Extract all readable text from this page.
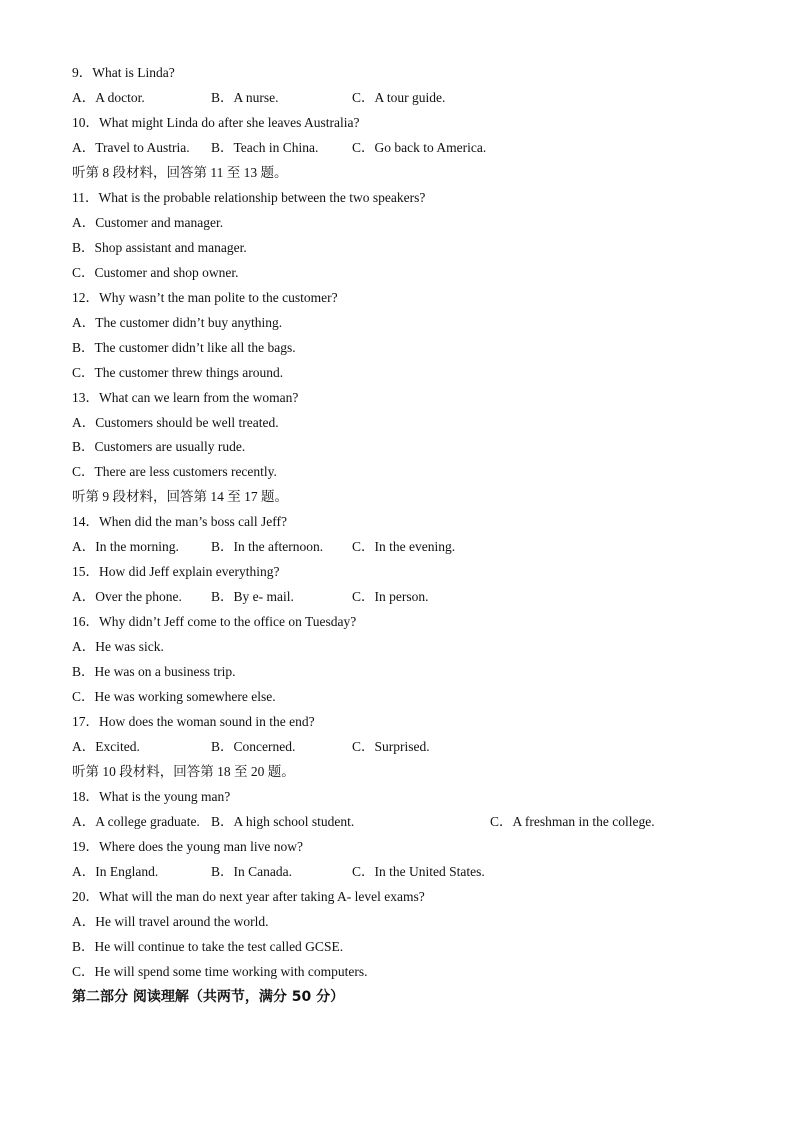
9．What is Linda?
A．A doctor.	B．A nurse.	C．A tour guide.
10．What might Linda do after she leaves Australia?
A．Travel to Austria. B．Teach in China. C．Go back to America.
听第 8 段材料，回答第 11 至 13 题。
11．What is the probable relationship between the two speakers?
A．Customer and manager.
B．Shop assistant and manager.
C．Customer and shop owner.
12．Why wasn’t the man polite to the customer?
A．The customer didn’t buy anything.
B．The customer didn’t like all the bags.
C．The customer threw things around.
13．What can we learn from the woman?
A．Customers should be well treated.
B．Customers are usually rude.
C．There are less customers recently.
听第 9 段材料，回答第 14 至 17 题。
14．When did the man’s boss call Jeff?
A．In the morning. B．In the afternoon. C．In the evening.
15．How did Jeff explain everything?
A．Over the phone. B．By e- mail.	C．In person.
16．Why didn’t Jeff come to the office on Tuesday?
A．He was sick.
B．He was on a business trip.
C．He was working somewhere else.
17．How does the woman sound in the end?
A．Excited.	B．Concerned.	C．Surprised.
听第 10 段材料，回答第 18 至 20 题。
18．What is the young man?
A．A college graduate. B．A high school student.	C．A freshman in the college.
19．Where does the young man live now?
A．In England.	B．In Canada.	C．In the United States.
20．What will the man do next year after taking A- level exams?
A．He will travel around the world.
B．He will continue to take the test called GCSE.
C．He will spend some time working with computers.
第二部分 阅读理解（共两节，满分 50 分）
